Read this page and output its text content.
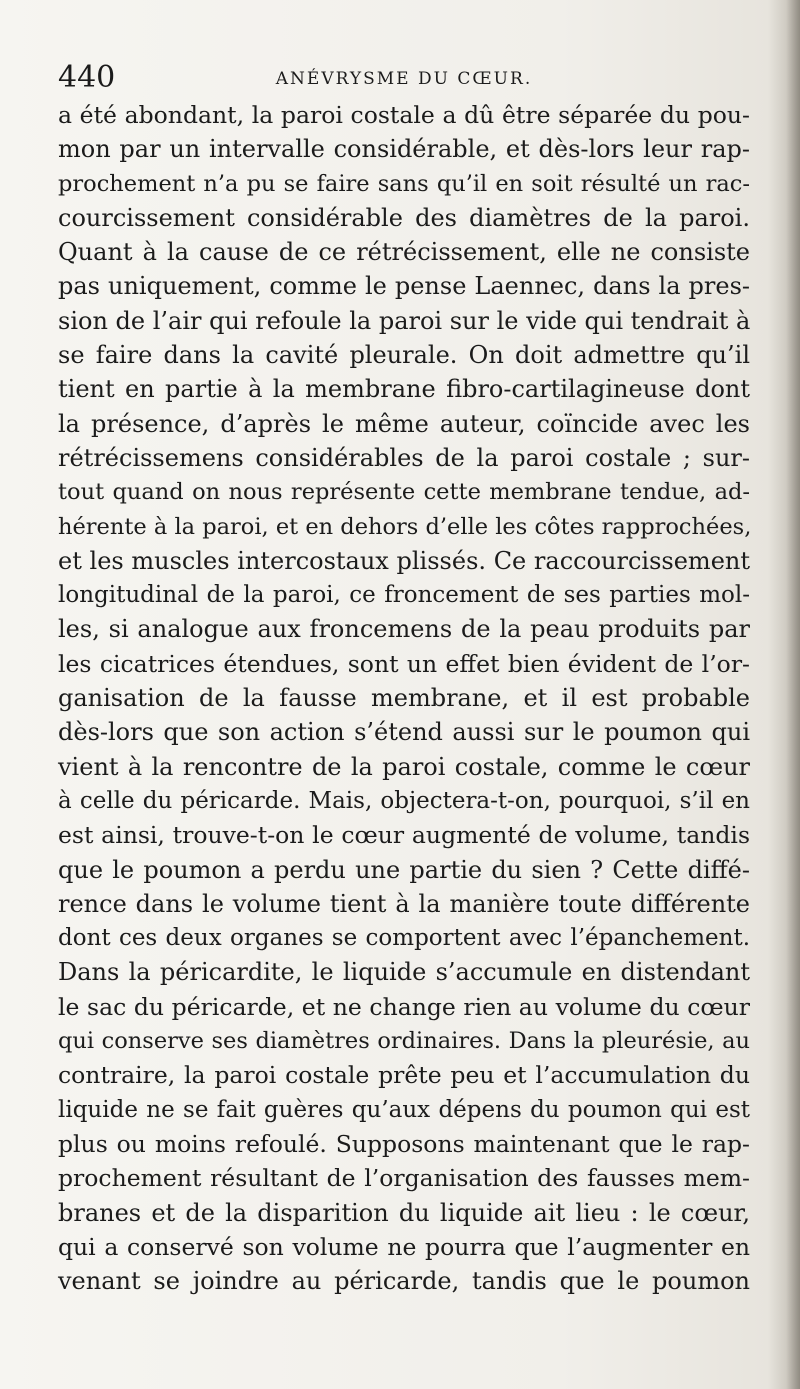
440	ANÉVRYSME DU CŒUR.
a été abondant, la paroi costale a dû être séparée du pou-
mon par un intervalle considérable, et dès-lors leur rap-
prochement n’a pu se faire sans qu’il en soit résulté un rac-
courcissement considérable des diamètres de la paroi.
Quant à la cause de ce rétrécissement, elle ne consiste
pas uniquement, comme le pense Laennec, dans la pres-
sion de l’air qui refoule la paroi sur le vide qui tendrait à
se faire dans la cavité pleurale. On doit admettre qu’il
tient en partie à la membrane fibro-cartilagineuse dont
la présence, d’après le même auteur, coïncide avec les
rétrécissemens considérables de la paroi costale ; sur-
tout quand on nous représente cette membrane tendue, ad-
hérente à la paroi, et en dehors d’elle les côtes rapprochées,
et les muscles intercostaux plissés. Ce raccourcissement
longitudinal de la paroi, ce froncement de ses parties mol-
les, si analogue aux froncemens de la peau produits par
les cicatrices étendues, sont un effet bien évident de l’or-
ganisation de la fausse membrane, et il est probable
dès-lors que son action s’étend aussi sur le poumon qui
vient à la rencontre de la paroi costale, comme le cœur
à celle du péricarde. Mais, objectera-t-on, pourquoi, s’il en
est ainsi, trouve-t-on le cœur augmenté de volume, tandis
que le poumon a perdu une partie du sien ? Cette diffé-
rence dans le volume tient à la manière toute différente
dont ces deux organes se comportent avec l’épanchement.
Dans la péricardite, le liquide s’accumule en distendant
le sac du péricarde, et ne change rien au volume du cœur
qui conserve ses diamètres ordinaires. Dans la pleurésie, au
contraire, la paroi costale prête peu et l’accumulation du
liquide ne se fait guères qu’aux dépens du poumon qui est
plus ou moins refoulé. Supposons maintenant que le rap-
prochement résultant de l’organisation des fausses mem-
branes et de la disparition du liquide ait lieu : le cœur,
qui a conservé son volume ne pourra que l’augmenter en
venant se joindre au péricarde, tandis que le poumon
